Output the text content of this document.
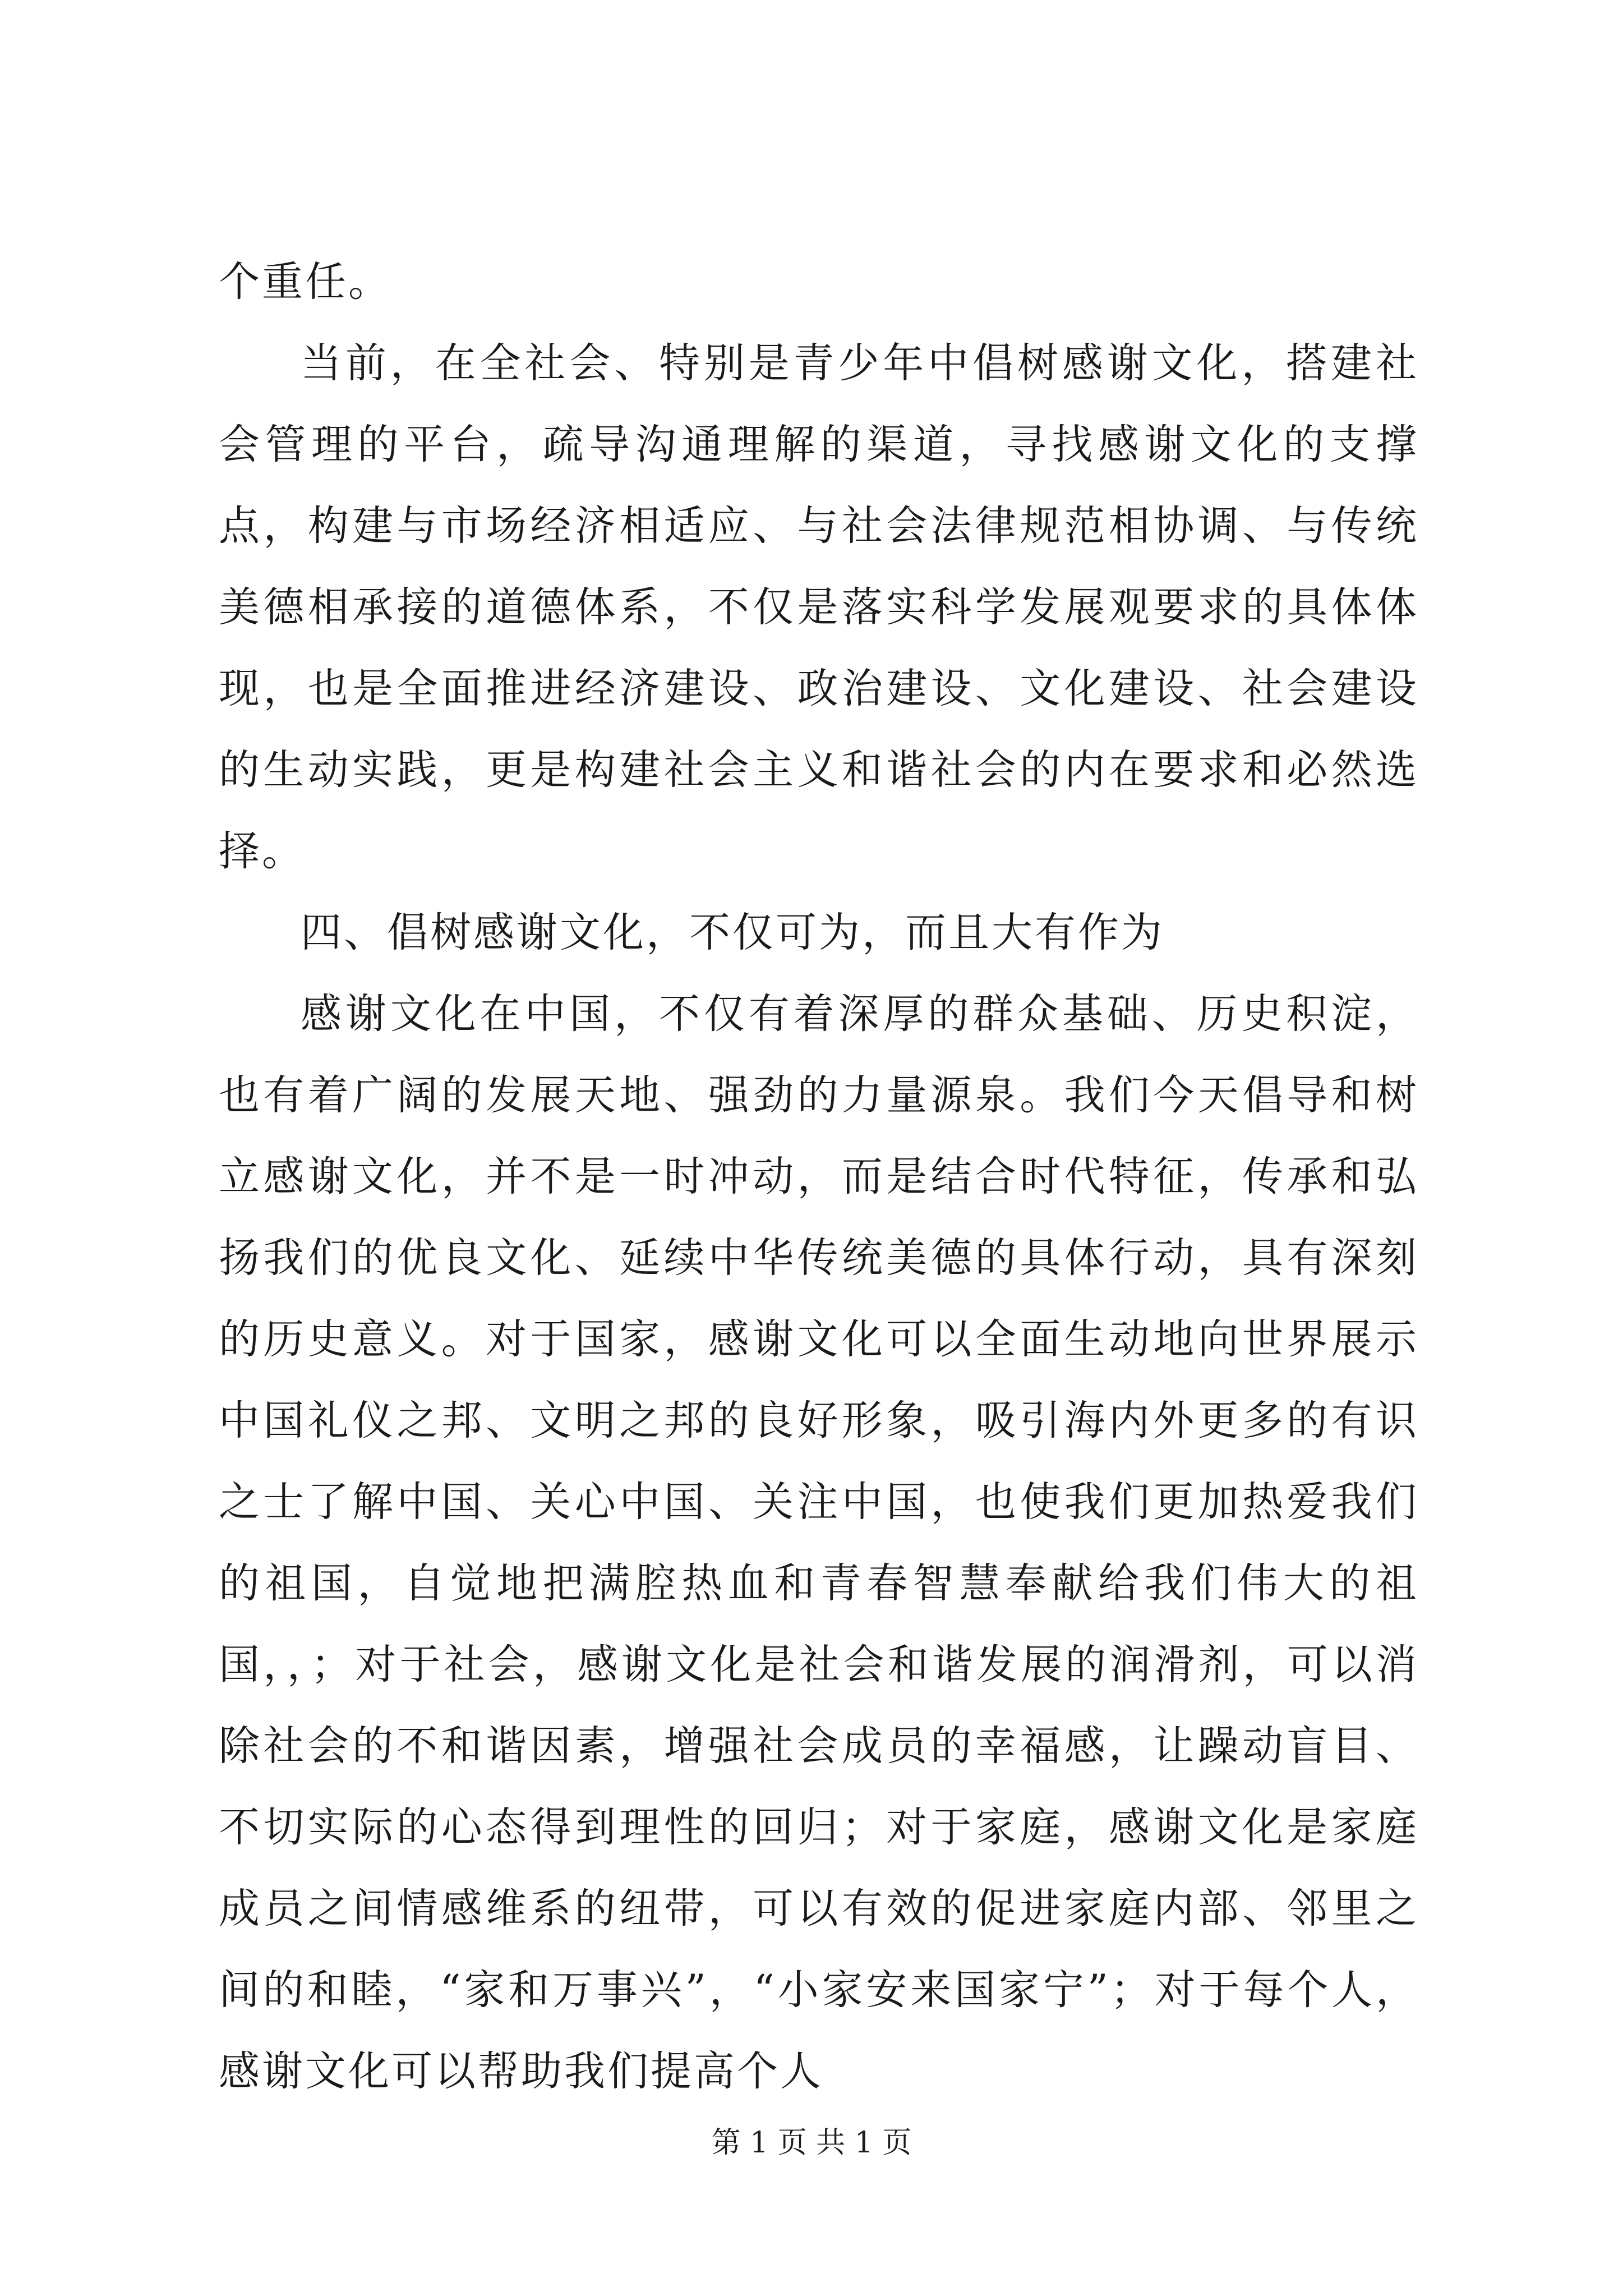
个重任。

当前，在全社会、特别是青少年中倡树感谢文化，搭建社会管理的平台，疏导沟通理解的渠道，寻找感谢文化的支撑点，构建与市场经济相适应、与社会法律规范相协调、与传统美德相承接的道德体系，不仅是落实科学发展观要求的具体体现，也是全面推进经济建设、政治建设、文化建设、社会建设的生动实践，更是构建社会主义和谐社会的内在要求和必然选择。

四、倡树感谢文化，不仅可为，而且大有作为

感谢文化在中国，不仅有着深厚的群众基础、历史积淀，也有着广阔的发展天地、强劲的力量源泉。我们今天倡导和树立感谢文化，并不是一时冲动，而是结合时代特征，传承和弘扬我们的优良文化、延续中华传统美德的具体行动，具有深刻的历史意义。对于国家，感谢文化可以全面生动地向世界展示中国礼仪之邦、文明之邦的良好形象，吸引海内外更多的有识之士了解中国、关心中国、关注中国，也使我们更加热爱我们的祖国，自觉地把满腔热血和青春智慧奉献给我们伟大的祖国，，；对于社会，感谢文化是社会和谐发展的润滑剂，可以消除社会的不和谐因素，增强社会成员的幸福感，让躁动盲目、不切实际的心态得到理性的回归；对于家庭，感谢文化是家庭成员之间情感维系的纽带，可以有效的促进家庭内部、邻里之间的和睦，“家和万事兴”，“小家安来国家宁”；对于每个人，感谢文化可以帮助我们提高个人

第 1 页 共 1 页
